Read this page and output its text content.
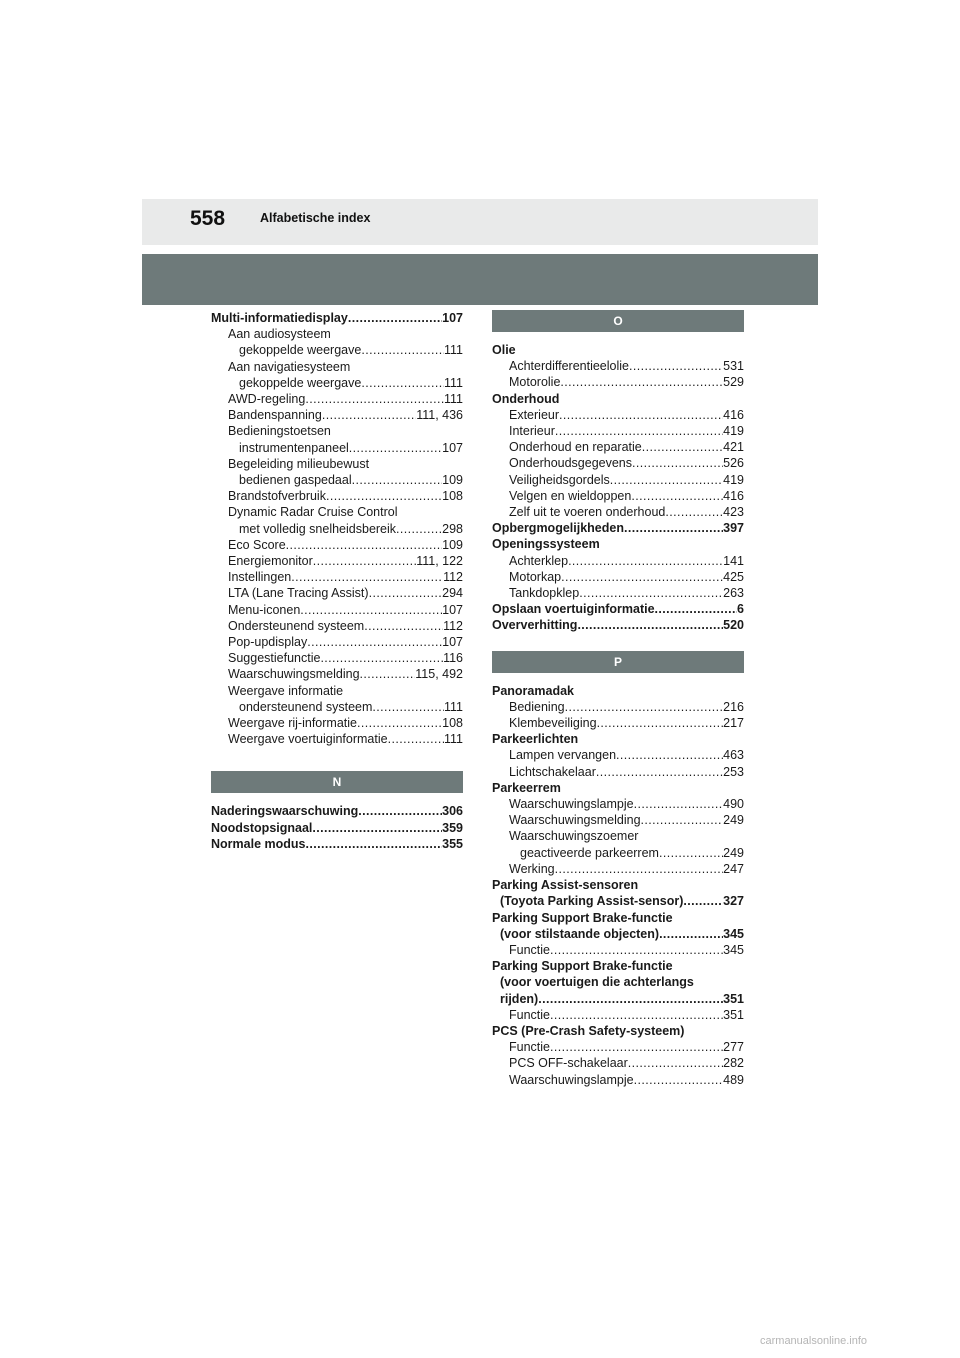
558	Alfabetische index
Multi-informatiedisplay .....	107
Aan audiosysteem
gekoppelde weergave .....	111
Aan navigatiesysteem
gekoppelde weergave .....	111
AWD-regeling .....	111
Bandenspanning .....	111, 436
Bedieningstoetsen
instrumentenpaneel .....	107
Begeleiding milieubewust
bedienen gaspedaal .....	109
Brandstofverbruik .....	108
Dynamic Radar Cruise Control
met volledig snelheidsbereik .....	298
Eco Score .....	109
Energiemonitor .....	111, 122
Instellingen .....	112
LTA (Lane Tracing Assist) .....	294
Menu-iconen .....	107
Ondersteunend systeem .....	112
Pop-updisplay .....	107
Suggestiefunctie .....	116
Waarschuwingsmelding .....	115, 492
Weergave informatie
ondersteunend systeem .....	111
Weergave rij-informatie .....	108
Weergave voertuiginformatie .....	111
N
Naderingswaarschuwing .....	306
Noodstopsignaal .....	359
Normale modus .....	355
O
Olie
Achterdifferentieelolie .....	531
Motorolie .....	529
Onderhoud
Exterieur .....	416
Interieur .....	419
Onderhoud en reparatie .....	421
Onderhoudsgegevens .....	526
Veiligheidsgordels .....	419
Velgen en wieldoppen .....	416
Zelf uit te voeren onderhoud .....	423
Opbergmogelijkheden .....	397
Openingssysteem
Achterklep .....	141
Motorkap .....	425
Tankdopklep .....	263
Opslaan voertuiginformatie .....	6
Oververhitting .....	520
P
Panoramadak
Bediening .....	216
Klembeveiliging .....	217
Parkeerlichten
Lampen vervangen .....	463
Lichtschakelaar .....	253
Parkeerrem
Waarschuwingslampje .....	490
Waarschuwingsmelding .....	249
Waarschuwingszoemer
geactiveerde parkeerrem .....	249
Werking .....	247
Parking Assist-sensoren
(Toyota Parking Assist-sensor) .....	327
Parking Support Brake-functie
(voor stilstaande objecten) .....	345
Functie .....	345
Parking Support Brake-functie
(voor voertuigen die achterlangs
rijden) .....	351
Functie .....	351
PCS (Pre-Crash Safety-systeem)
Functie .....	277
PCS OFF-schakelaar .....	282
Waarschuwingslampje .....	489
carmanualsonline.info
